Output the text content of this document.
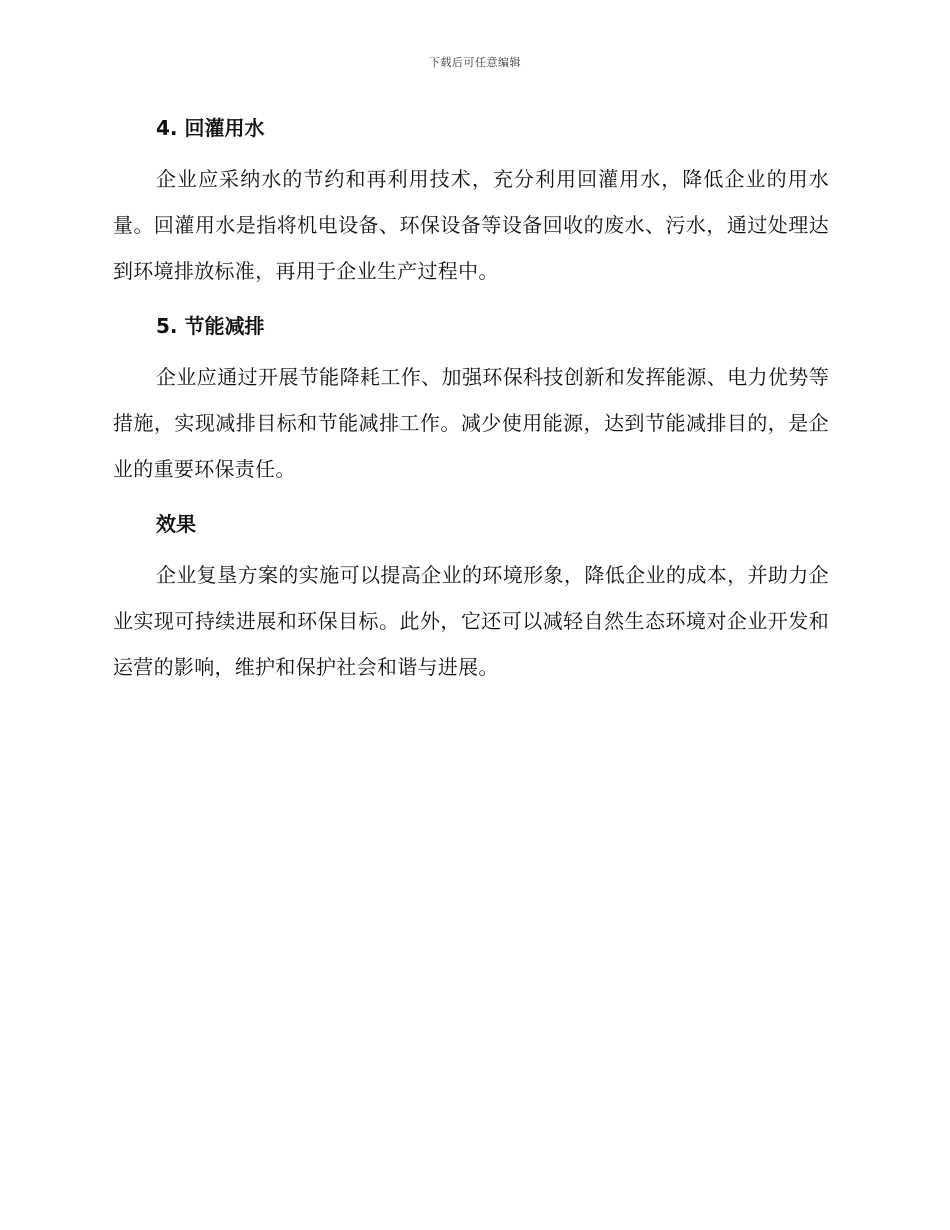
下载后可任意编辑
4. 回灌用水

企业应采纳水的节约和再利用技术，充分利用回灌用水，降低企业的用水量。回灌用水是指将机电设备、环保设备等设备回收的废水、污水，通过处理达到环境排放标准，再用于企业生产过程中。

5. 节能减排

企业应通过开展节能降耗工作、加强环保科技创新和发挥能源、电力优势等措施，实现减排目标和节能减排工作。减少使用能源，达到节能减排目的，是企业的重要环保责任。

效果

企业复垦方案的实施可以提高企业的环境形象，降低企业的成本，并助力企业实现可持续进展和环保目标。此外，它还可以减轻自然生态环境对企业开发和运营的影响，维护和保护社会和谐与进展。
